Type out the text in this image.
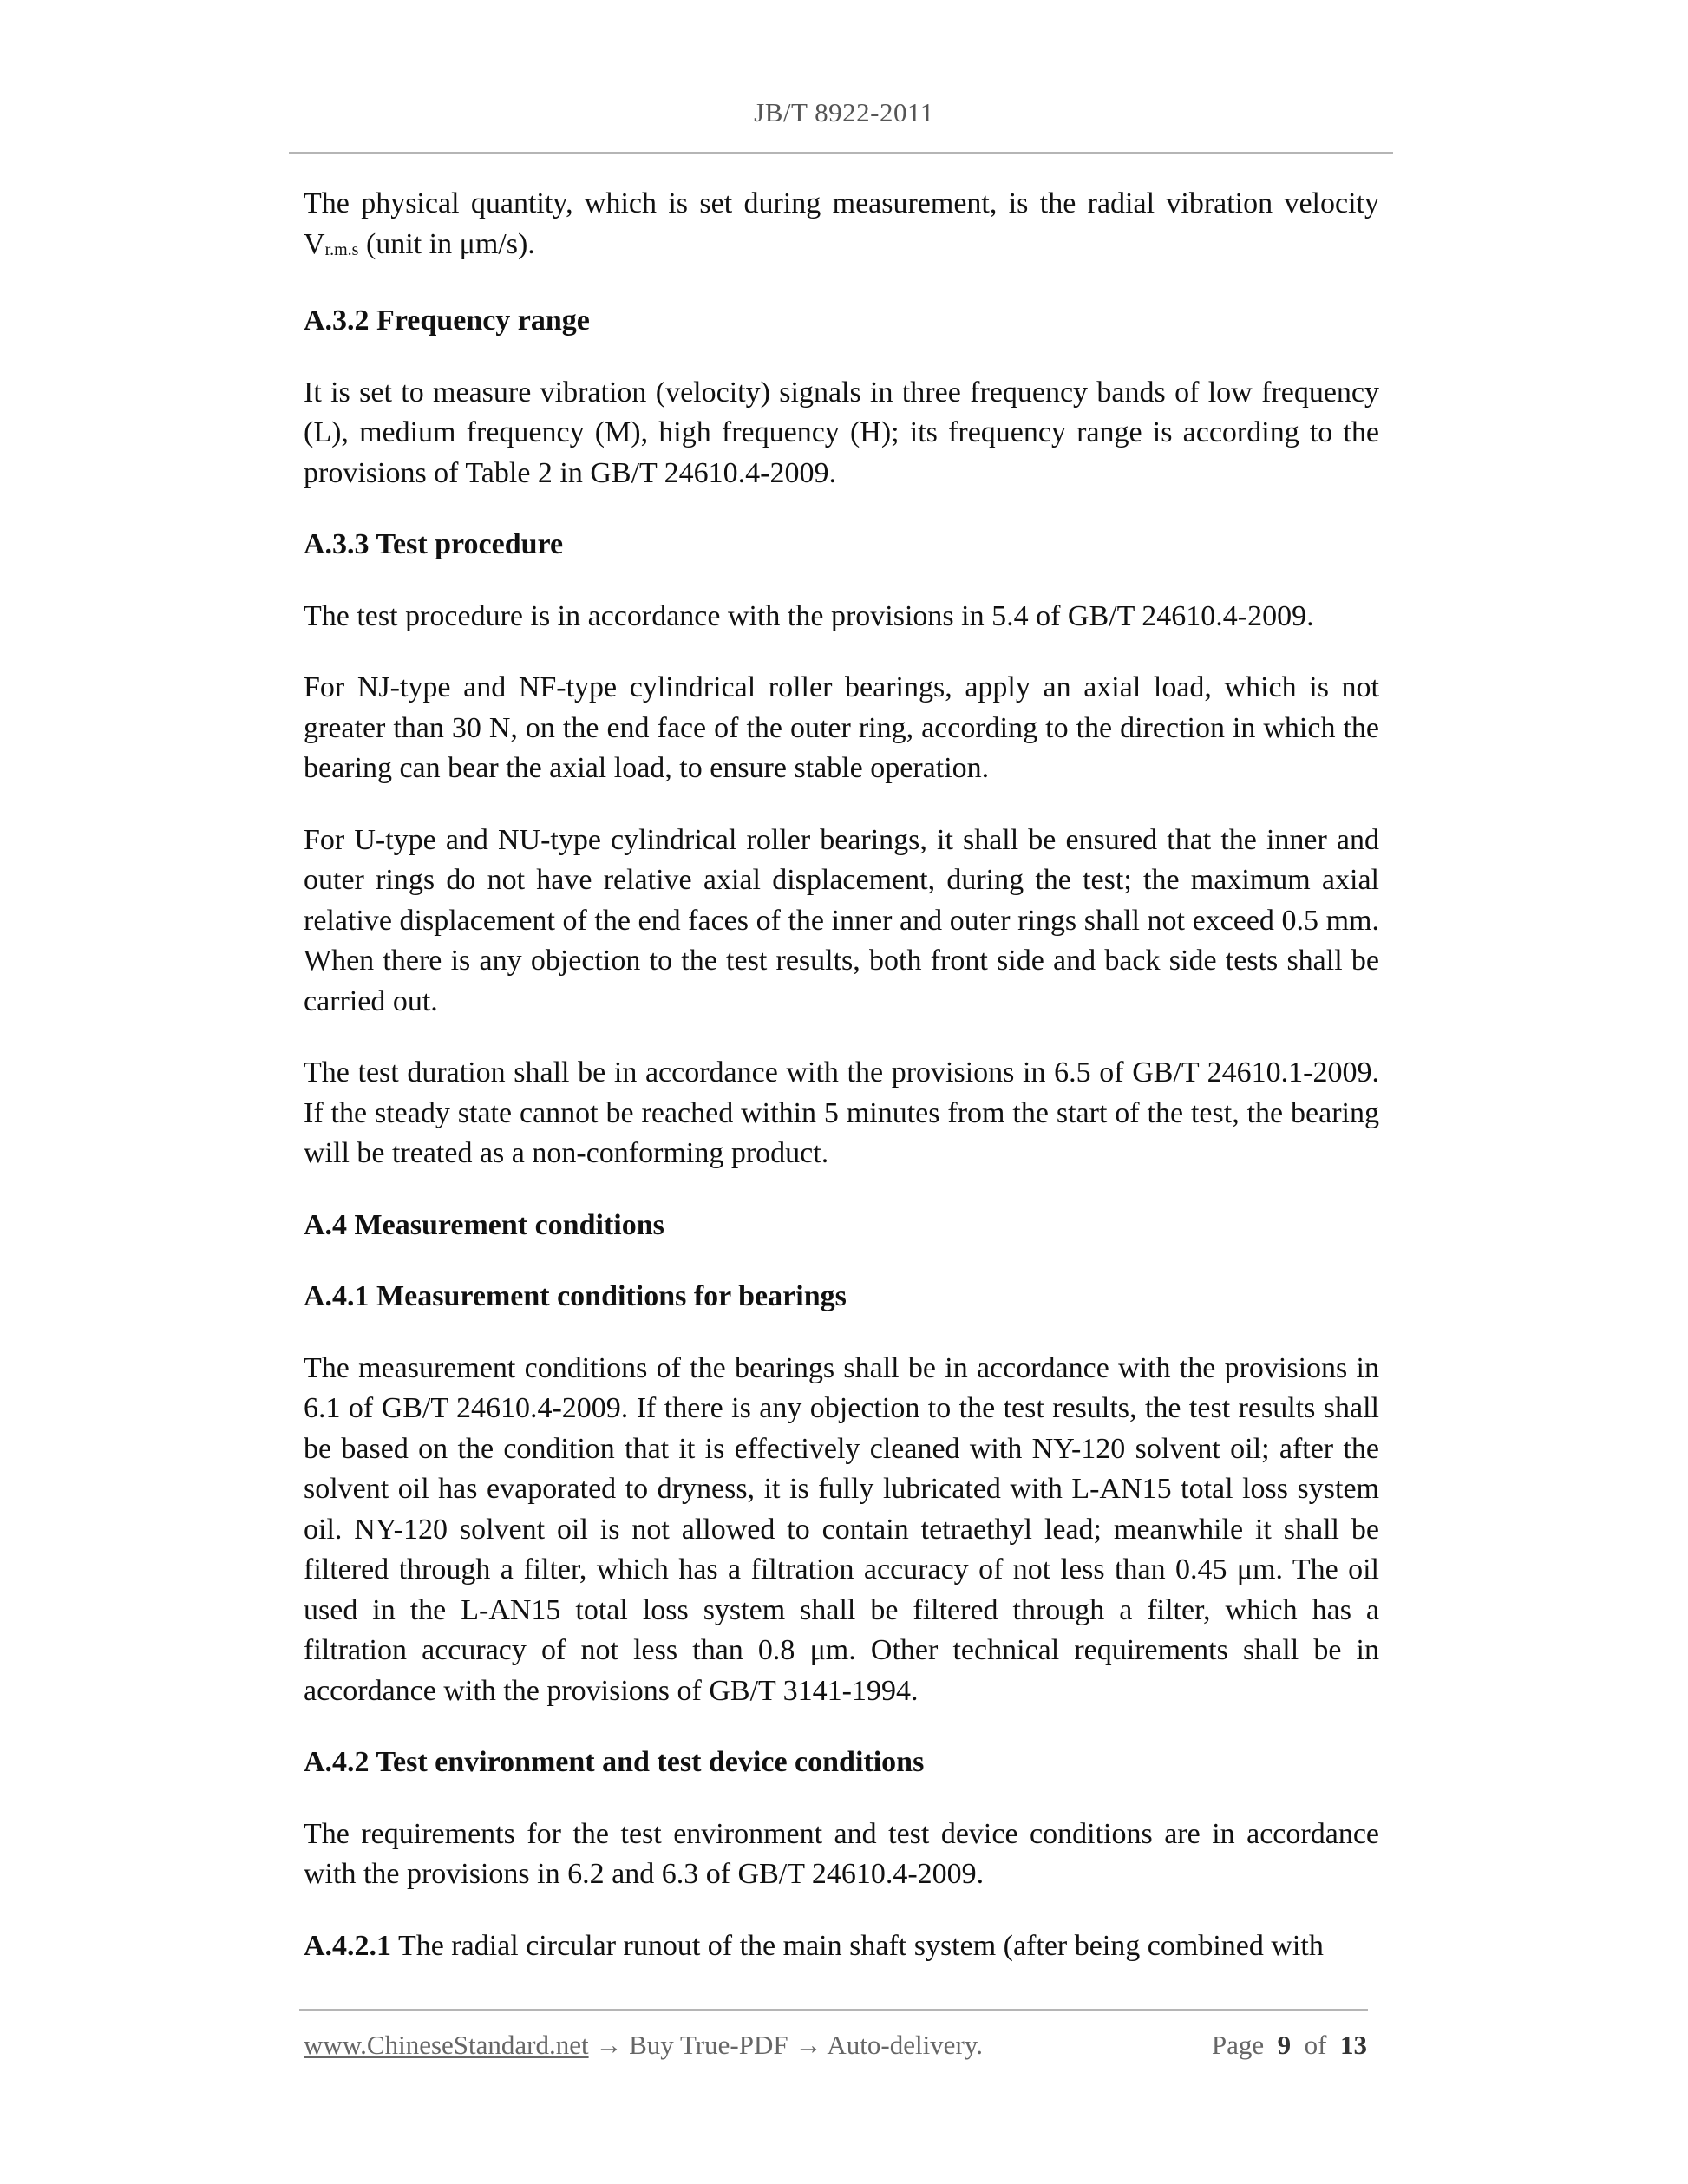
JB/T 8922-2011

The physical quantity, which is set during measurement, is the radial vibration velocity $V_{r.m.s}$ (unit in μm/s).

A.3.2 Frequency range

It is set to measure vibration (velocity) signals in three frequency bands of low frequency (L), medium frequency (M), high frequency (H); its frequency range is according to the provisions of Table 2 in GB/T 24610.4-2009.

A.3.3 Test procedure

The test procedure is in accordance with the provisions in 5.4 of GB/T 24610.4-2009.

For NJ-type and NF-type cylindrical roller bearings, apply an axial load, which is not greater than 30 N, on the end face of the outer ring, according to the direction in which the bearing can bear the axial load, to ensure stable operation.

For U-type and NU-type cylindrical roller bearings, it shall be ensured that the inner and outer rings do not have relative axial displacement, during the test; the maximum axial relative displacement of the end faces of the inner and outer rings shall not exceed 0.5 mm. When there is any objection to the test results, both front side and back side tests shall be carried out.

The test duration shall be in accordance with the provisions in 6.5 of GB/T 24610.1-2009. If the steady state cannot be reached within 5 minutes from the start of the test, the bearing will be treated as a non-conforming product.

A.4 Measurement conditions
A.4.1 Measurement conditions for bearings

The measurement conditions of the bearings shall be in accordance with the provisions in 6.1 of GB/T 24610.4-2009. If there is any objection to the test results, the test results shall be based on the condition that it is effectively cleaned with NY-120 solvent oil; after the solvent oil has evaporated to dryness, it is fully lubricated with L-AN15 total loss system oil. NY-120 solvent oil is not allowed to contain tetraethyl lead; meanwhile it shall be filtered through a filter, which has a filtration accuracy of not less than 0.45 μm. The oil used in the L-AN15 total loss system shall be filtered through a filter, which has a filtration accuracy of not less than 0.8 μm. Other technical requirements shall be in accordance with the provisions of GB/T 3141-1994.

A.4.2 Test environment and test device conditions

The requirements for the test environment and test device conditions are in accordance with the provisions in 6.2 and 6.3 of GB/T 24610.4-2009.

A.4.2.1 The radial circular runout of the main shaft system (after being combined with

www.ChineseStandard.net → Buy True-PDF → Auto-delivery.	Page 9 of 13
